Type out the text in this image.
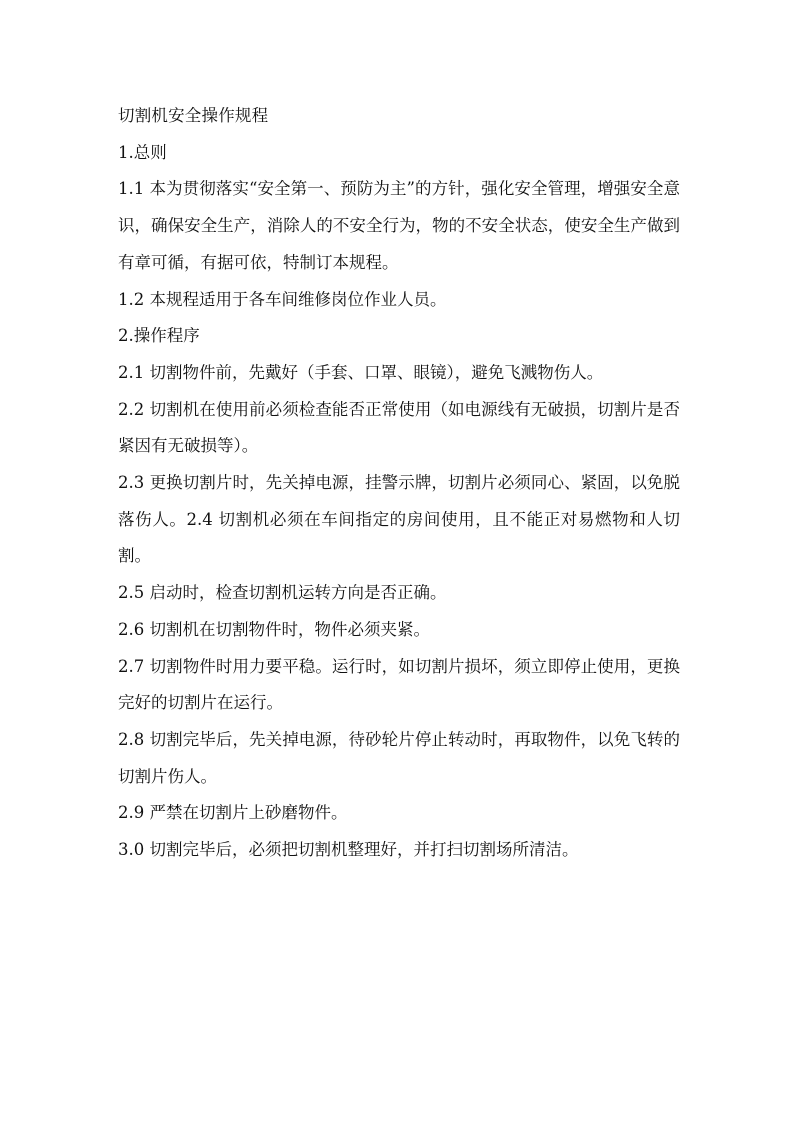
切割机安全操作规程

1.总则

1.1 本为贯彻落实“安全第一、预防为主”的方针，强化安全管理，增强安全意识，确保安全生产，消除人的不安全行为，物的不安全状态，使安全生产做到有章可循，有据可依，特制订本规程。

1.2 本规程适用于各车间维修岗位作业人员。

2.操作程序

2.1 切割物件前，先戴好（手套、口罩、眼镜），避免飞溅物伤人。

2.2 切割机在使用前必须检查能否正常使用（如电源线有无破损，切割片是否紧因有无破损等）。

2.3 更换切割片时，先关掉电源，挂警示牌，切割片必须同心、紧固，以免脱落伤人。2.4 切割机必须在车间指定的房间使用，且不能正对易燃物和人切割。

2.5 启动时，检查切割机运转方向是否正确。

2.6 切割机在切割物件时，物件必须夹紧。

2.7 切割物件时用力要平稳。运行时，如切割片损坏，须立即停止使用，更换完好的切割片在运行。

2.8 切割完毕后，先关掉电源，待砂轮片停止转动时，再取物件，以免飞转的切割片伤人。

2.9 严禁在切割片上砂磨物件。

3.0 切割完毕后，必须把切割机整理好，并打扫切割场所清洁。
